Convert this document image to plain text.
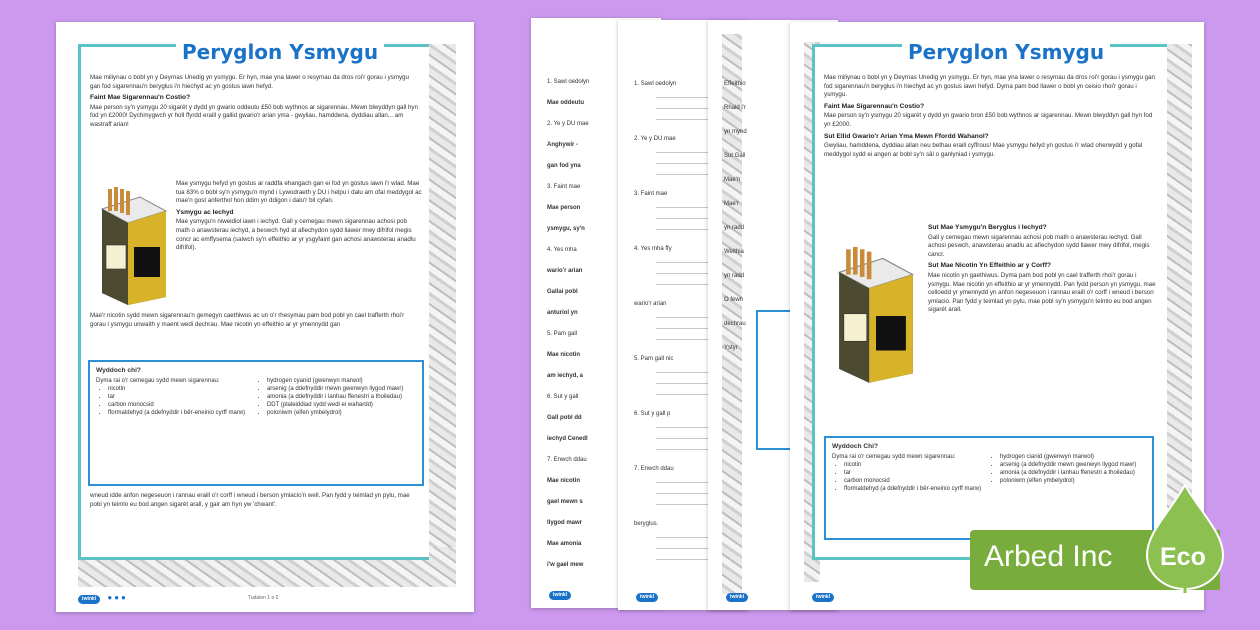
Peryglon Ysmygu

Mae miliynau o bobl yn y Deyrnas Unedig yn ysmygu. Er hyn, mae yna lawer o resymau da dros roi'r gorau i ysmygu gan fod sigarennau'n beryglus i'n hiechyd ac yn gostus iawn hefyd.

Faint Mae Sigarennau'n Costio?

Mae person sy'n ysmygu 20 sigarét y dydd yn gwario oddeutu £50 bob wythnos ar sigarennau. Mewn blwyddyn gall hyn fod yn £2000! Dychmygwch yr holl ffyrdd eraill y gallid gwario'r arian yma - gwyliau, hamddena, dyddiau allan... am wastraff arian!

Mae ysmygu hefyd yn gostus ar raddfa ehangach gan ei fod yn gostus iawn i'r wlad. Mae tua 83% o bobl sy'n ysmygu'n mynd i Lywodraeth y DU i helpu i dalu am ofal meddygol ac mae'n gost anferthol hon ddim yn ddigon i dalu'r bil cyfan.

Ysmygu ac Iechyd

Mae ysmygu'n niweidiol iawn i iechyd. Gall y cemegau mewn sigarennau achosi pob math o anawsterau iechyd, a beswch hyd at afiechydon sydd llawer mwy difrifol megis concr ac emffysema (salwch sy'n effeithio ar yr ysgyfaint gan achosi anawsterau anadlu difrifol).

Mae'r nicotin sydd mewn sigarennau'n gemegyn caethiwus ac un o'r rhesymau pam bod pobl yn cael trafferth rhoi'r gorau i ysmygu unwaith y maent wedi dechrau. Mae nicotin yn effeithio ar yr ymennydd gan
Wyddoch chi?
Dyma rai o'r cemegau sydd mewn sigarennau:
• nicotin
• tar
• carbon monocsid
• fformaldehyd (a ddefnyddir i bêr-eneinio cyrff marw)
• hydrogen cyanid (gwenwyn marwol)
• arsenig (a ddefnyddir mewn gwenwyn llygod mawr)
• amonia (a ddefnyddir i lanhau ffenestri a thoiledau)
• DDT (plaleiddiad sydd wedi ei wahardd)
• poloniwm (elfen ymbelydrol)
wneud idde anfon negeseuon i rannau eraill o'r corff i wneud i berson ymlacio'n well. Pan fydd y teimlad yn pylu, mae pobl yn teimlo eu bod angen sigarét arall, y gair am hyn yw 'chwant'.
twinkl ●●●	Tudalen 1 o 2
1. Sawl oedolyn
Mae oddeutu
2. Ye y DU mae
Anghywir -
gan fod yna
3. Faint mae
Mae person
ysmygu, sy'n
4. Yes mha
wario'r arian
Gallai pobl
anturiol yn
5. Pam gall
Mae nicotin
am iechyd, a
6. Sut y gall
Gall pobl dd
iechyd Cenedl
7. Enwch ddau
Mae nicotin
gael mewn s
llygod mawr
Mae amonia
i'w gael mew
twinkl
1. Sawl oedolyn
2. Ye y DU mae
3. Faint mae
4. Yes mha ffy
wario'r arian
5. Pam gall nic
6. Sut y gall p
7. Enwch ddau
beryglus.
twinkl
Effeithio
Rhaid i'r
yn mynd
Sut Gall
Mae'n
Mae'r
yn radd
Weithia
yn radd
O fewn
dechrau
Ystyr
twinkl
Peryglon Ysmygu

Mae miliynau o bobl yn y Deyrnas Unedig yn ysmygu. Er hyn, mae yna lawer o resymau da dros roi'r gorau i ysmygu gan fod sigarennau'n beryglus i'n hiechyd ac yn gostus iawn hefyd. Dyma pam bod llawer o bobl yn ceisio rhoi'r gorau i ysmygu.

Faint Mae Sigarennau'n Costio?

Mae person sy'n ysmygu 20 sigarét y dydd yn gwario bron £50 bob wythnos ar sigarennau. Mewn blwyddyn gall hyn fod yn £2000.

Sut Ellid Gwario'r Arian Yma Mewn Ffordd Wahanol?

Gwyliau, hamddena, dyddiau allan neu bethau eraill cyffrous! Mae ysmygu hefyd yn gostus i'r wlad oherwydd y gofal meddygol sydd ei angen ar bobl sy'n sâl o ganlyniad i ysmygu.

Sut Mae Ysmygu'n Beryglus i Iechyd?

Gall y cemegau mewn sigarennau achosi pob math o anawsterau iechyd. Gall achosi peswch, anawsterau anadlu ac afiechydon sydd llawer mwy difrifol, megis cancr.

Sut Mae Nicotin Yn Effeithio ar y Corff?

Mae nicotin yn gaethiwus. Dyma pam bod pobl yn cael trafferth rhoi'r gorau i ysmygu. Mae nicotin yn effeithio ar yr ymennydd. Pan fydd person yn ysmygu, mae celloedd yr ymennydd yn anfon negeseuon i rannau eraill o'r corff i wneud i berson ymlacio. Pan fydd y teimlad yn pylu, mae pobl sy'n ysmygu'n teimlo eu bod angen sigarét arall.

Wyddoch Chi?
Dyma rai o'r cemegau sydd mewn sigarennau:
• nicotin
• tar
• carbon monocsid
• fformaldehyd (a ddefnyddir i bêr-eneinio cyrff marw)
• hydrogen cianid (gwenwyn marwol)
• arsenig (a ddefnyddir mewn gwenwyn llygod mawr)
• amonia (a ddefnyddir i lanhau ffenestri a thoiledau)
• poloniwm (elfen ymbelydrol)
twinkl
Arbed Inc Eco
